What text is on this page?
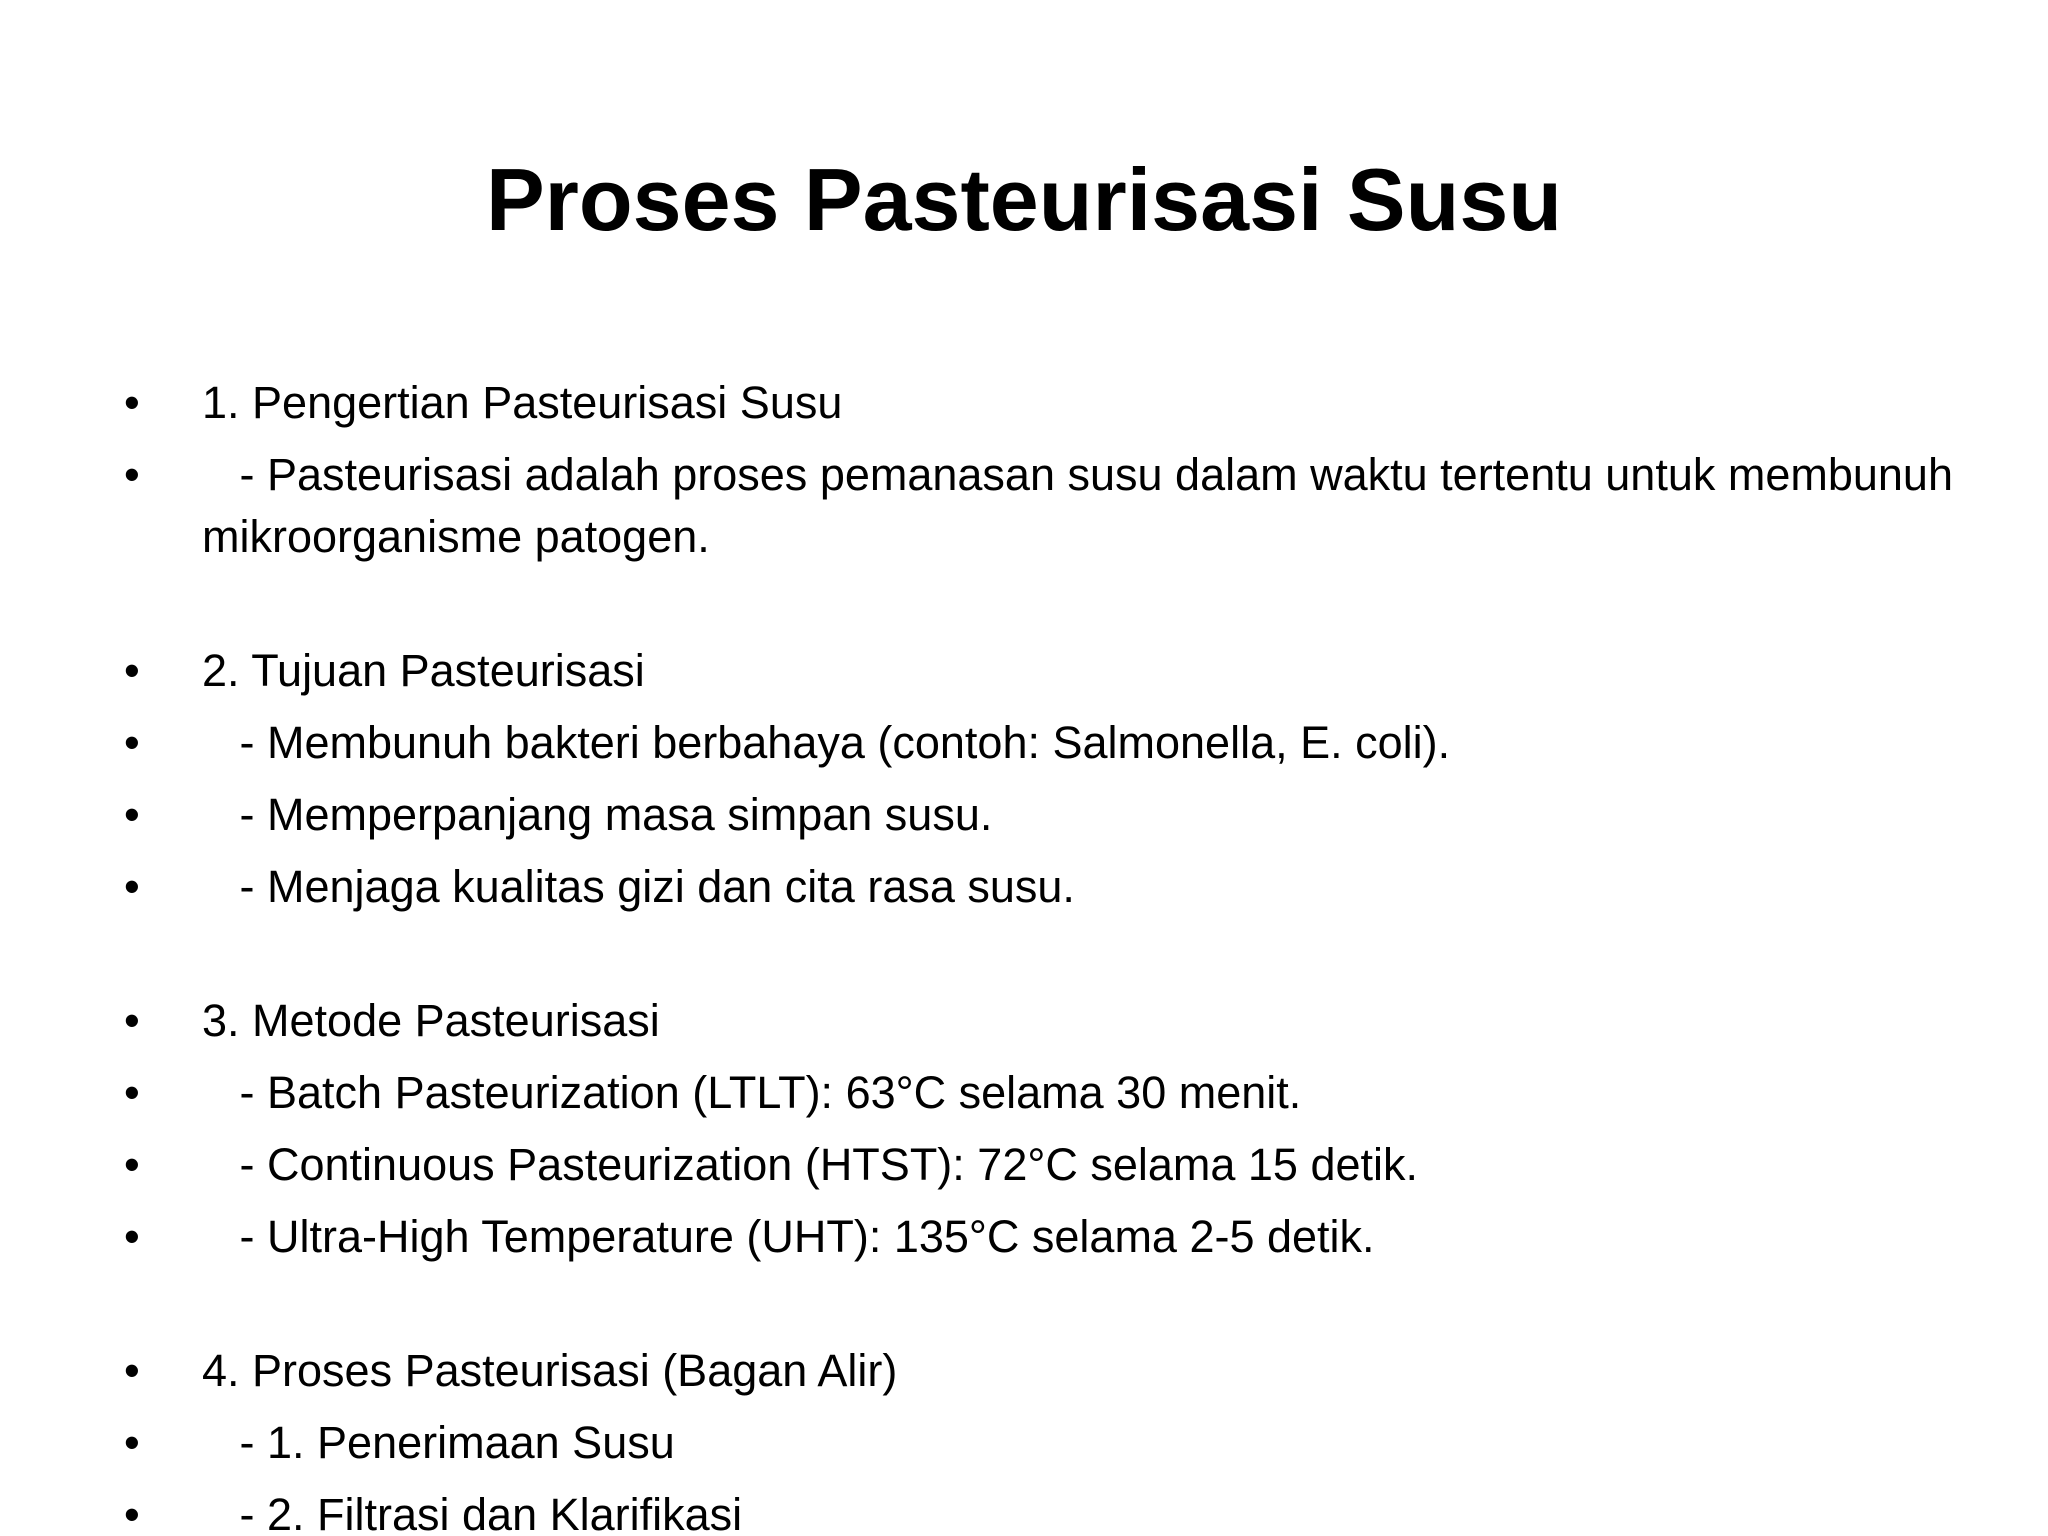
Proses Pasteurisasi Susu
•	1. Pengertian Pasteurisasi Susu
•	- Pasteurisasi adalah proses pemanasan susu dalam waktu tertentu untuk membunuh mikroorganisme patogen.
•	2. Tujuan Pasteurisasi
•	- Membunuh bakteri berbahaya (contoh: Salmonella, E. coli).
•	- Memperpanjang masa simpan susu.
•	- Menjaga kualitas gizi dan cita rasa susu.
•	3. Metode Pasteurisasi
•	- Batch Pasteurization (LTLT): 63°C selama 30 menit.
•	- Continuous Pasteurization (HTST): 72°C selama 15 detik.
•	- Ultra-High Temperature (UHT): 135°C selama 2-5 detik.
•	4. Proses Pasteurisasi (Bagan Alir)
•	- 1. Penerimaan Susu
•	- 2. Filtrasi dan Klarifikasi
